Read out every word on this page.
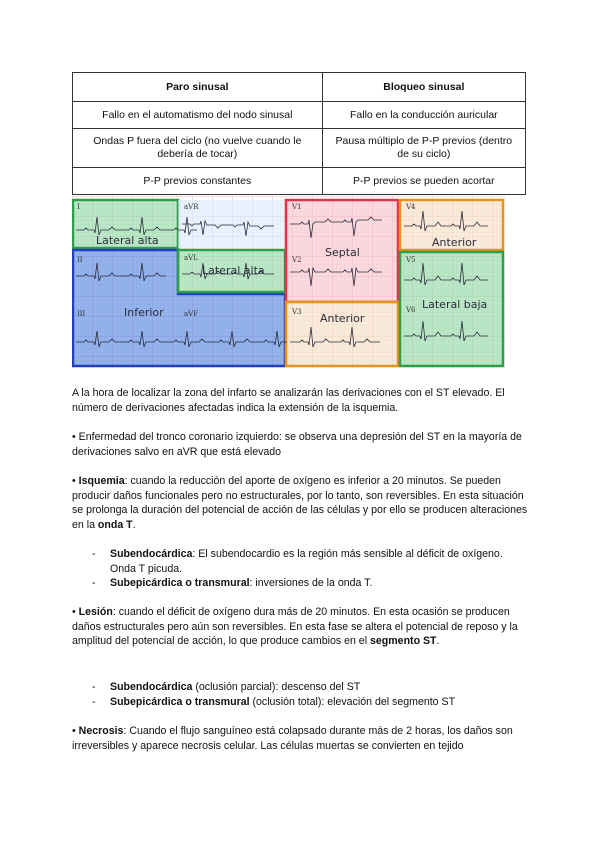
Paro sinusal	Bloqueo sinusal
Fallo en el automatismo del nodo sinusal	Fallo en la conducción auricular
Ondas P fuera del ciclo (no vuelve cuando le debería de tocar)	Pausa múltiplo de P-P previos (dentro de su ciclo)
P-P previos constantes	P-P previos se pueden acortar
I	aVR	V1	V4
II	aVL	V2	V5
III	aVF	V3	V6
Lateral alta
Lateral alta
Inferior
Septal
Anterior
Anterior
Lateral baja

A la hora de localizar la zona del infarto se analizarán las derivaciones con el ST elevado. El número de derivaciones afectadas indica la extensión de la isquemia.

• Enfermedad del tronco coronario izquierdo: se observa una depresión del ST en la mayoría de derivaciones salvo en aVR que está elevado

• Isquemia: cuando la reducción del aporte de oxígeno es inferior a 20 minutos. Se pueden producir daños funcionales pero no estructurales, por lo tanto, son reversibles. En esta situación se prolonga la duración del potencial de acción de las células y por ello se producen alteraciones en la onda T.

- Subendocárdica: El subendocardio es la región más sensible al déficit de oxígeno.
Onda T picuda.
- Subepicárdica o transmural: inversiones de la onda T.

• Lesión: cuando el déficit de oxígeno dura más de 20 minutos. En esta ocasión se producen daños estructurales pero aún son reversibles. En esta fase se altera el potencial de reposo y la amplitud del potencial de acción, lo que produce cambios en el segmento ST.

- Subendocárdica (oclusión parcial): descenso del ST
- Subepicárdica o transmural (oclusión total): elevación del segmento ST

• Necrosis: Cuando el flujo sanguíneo está colapsado durante más de 2 horas, los daños son irreversibles y aparece necrosis celular. Las células muertas se convierten en tejido
